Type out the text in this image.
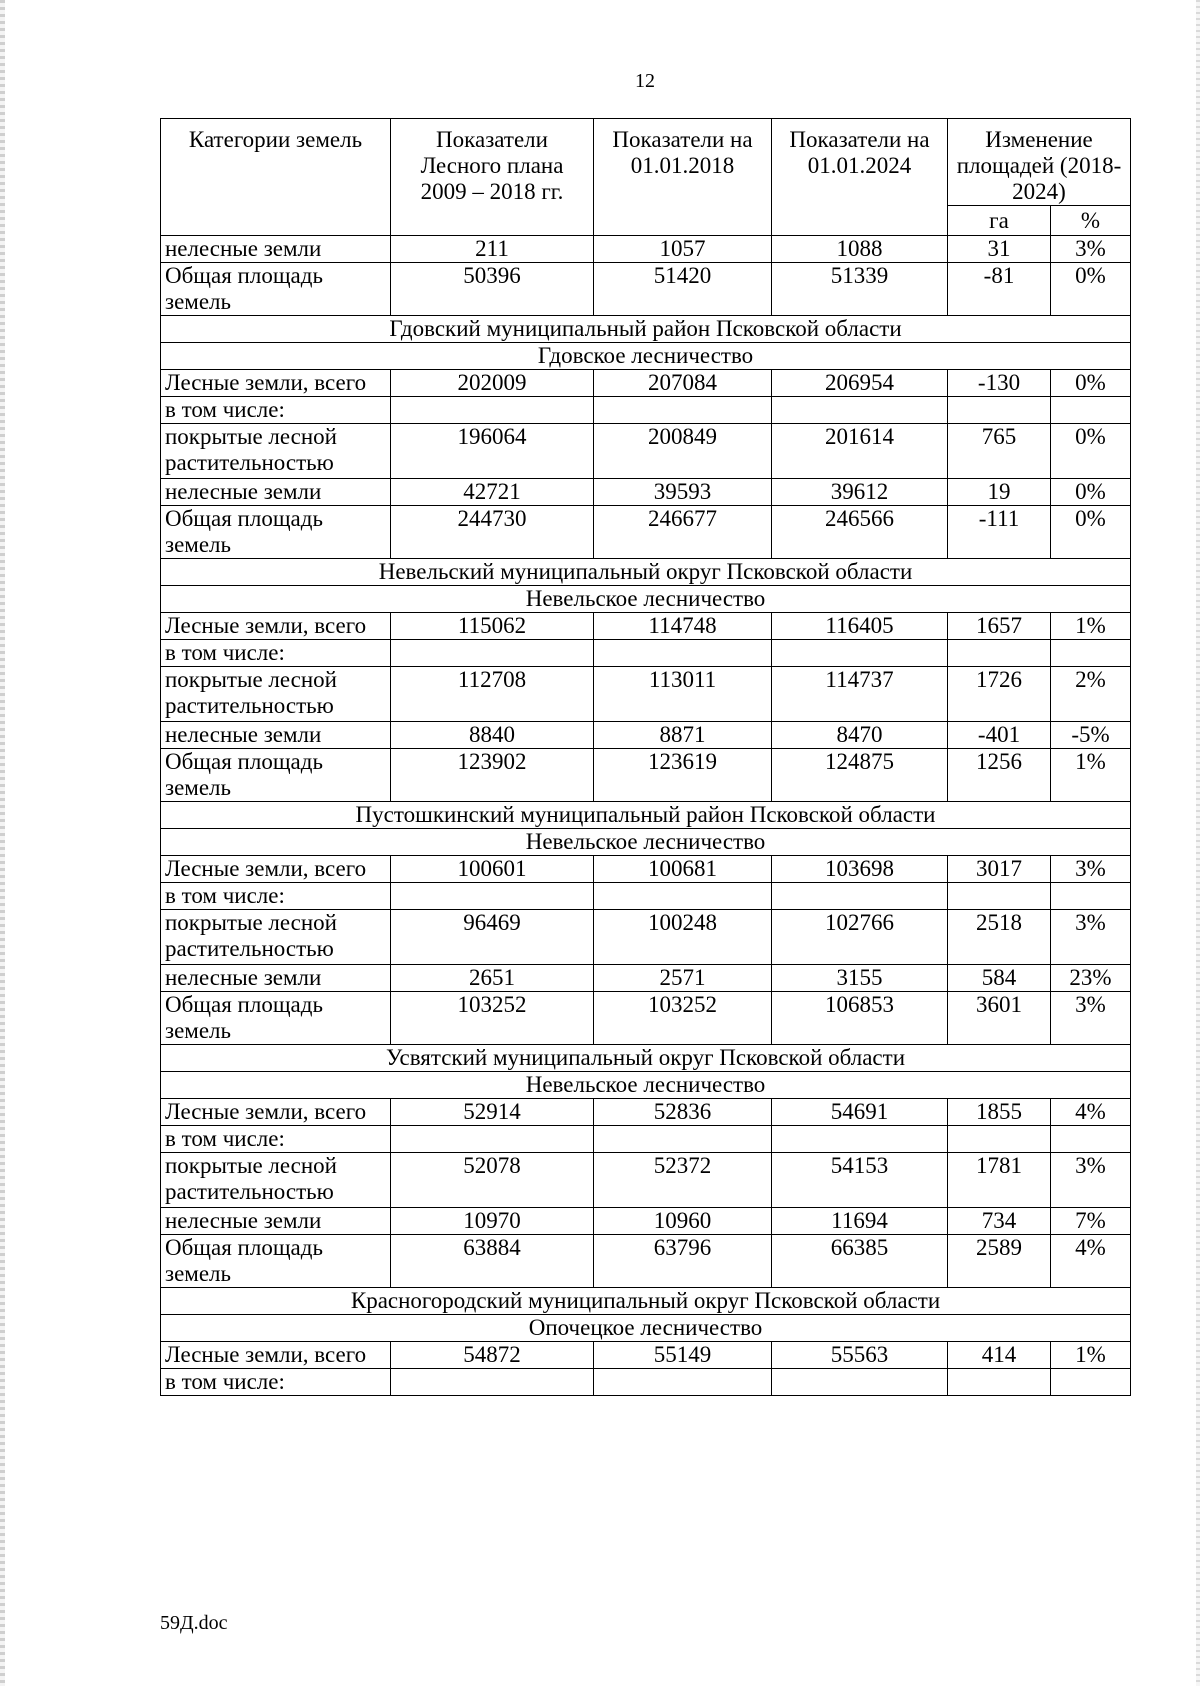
12
Категории земель	Показатели Лесного плана 2009 – 2018 гг.	Показатели на 01.01.2018	Показатели на 01.01.2024	Изменение площадей (2018-2024)	
				га	%
нелесные земли	211	1057	1088	31	3%
Общая площадь земель	50396	51420	51339	-81	0%
Гдовский муниципальный район Псковской области					
Гдовское лесничество					
Лесные земли, всего	202009	207084	206954	-130	0%
в том числе:					
покрытые лесной растительностью	196064	200849	201614	765	0%
нелесные земли	42721	39593	39612	19	0%
Общая площадь земель	244730	246677	246566	-111	0%
Невельский муниципальный округ Псковской области					
Невельское лесничество					
Лесные земли, всего	115062	114748	116405	1657	1%
в том числе:					
покрытые лесной растительностью	112708	113011	114737	1726	2%
нелесные земли	8840	8871	8470	-401	-5%
Общая площадь земель	123902	123619	124875	1256	1%
Пустошкинский муниципальный район Псковской области					
Невельское лесничество					
Лесные земли, всего	100601	100681	103698	3017	3%
в том числе:					
покрытые лесной растительностью	96469	100248	102766	2518	3%
нелесные земли	2651	2571	3155	584	23%
Общая площадь земель	103252	103252	106853	3601	3%
Усвятский муниципальный округ Псковской области					
Невельское лесничество					
Лесные земли, всего	52914	52836	54691	1855	4%
в том числе:					
покрытые лесной растительностью	52078	52372	54153	1781	3%
нелесные земли	10970	10960	11694	734	7%
Общая площадь земель	63884	63796	66385	2589	4%
Красногородский муниципальный округ Псковской области					
Опочецкое лесничество					
Лесные земли, всего	54872	55149	55563	414	1%
в том числе:					
59Д.doc
